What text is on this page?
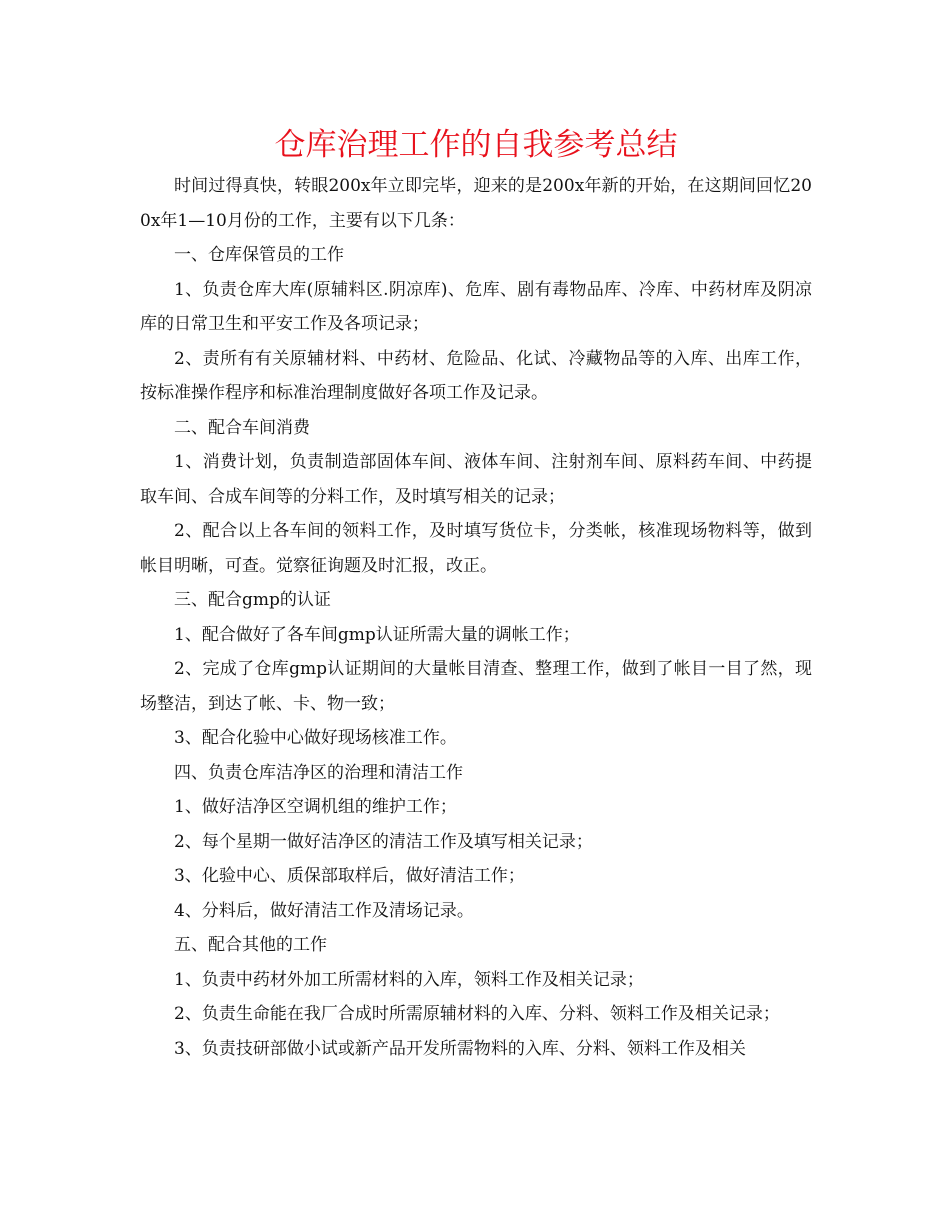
仓库治理工作的自我参考总结

时间过得真快，转眼200x年立即完毕，迎来的是200x年新的开始，在这期间回忆200x年1—10月份的工作，主要有以下几条：

一、仓库保管员的工作

1、负责仓库大库(原辅料区.阴凉库)、危库、剧有毒物品库、冷库、中药材库及阴凉库的日常卫生和平安工作及各项记录；

2、责所有有关原辅材料、中药材、危险品、化试、冷藏物品等的入库、出库工作，按标准操作程序和标准治理制度做好各项工作及记录。

二、配合车间消费

1、消费计划，负责制造部固体车间、液体车间、注射剂车间、原料药车间、中药提取车间、合成车间等的分料工作，及时填写相关的记录；

2、配合以上各车间的领料工作，及时填写货位卡，分类帐，核准现场物料等，做到帐目明晰，可查。觉察征询题及时汇报，改正。

三、配合gmp的认证

1、配合做好了各车间gmp认证所需大量的调帐工作；

2、完成了仓库gmp认证期间的大量帐目清查、整理工作，做到了帐目一目了然，现场整洁，到达了帐、卡、物一致；

3、配合化验中心做好现场核准工作。

四、负责仓库洁净区的治理和清洁工作

1、做好洁净区空调机组的维护工作；

2、每个星期一做好洁净区的清洁工作及填写相关记录；

3、化验中心、质保部取样后，做好清洁工作；

4、分料后，做好清洁工作及清场记录。

五、配合其他的工作

1、负责中药材外加工所需材料的入库，领料工作及相关记录；

2、负责生命能在我厂合成时所需原辅材料的入库、分料、领料工作及相关记录；

3、负责技研部做小试或新产品开发所需物料的入库、分料、领料工作及相关
